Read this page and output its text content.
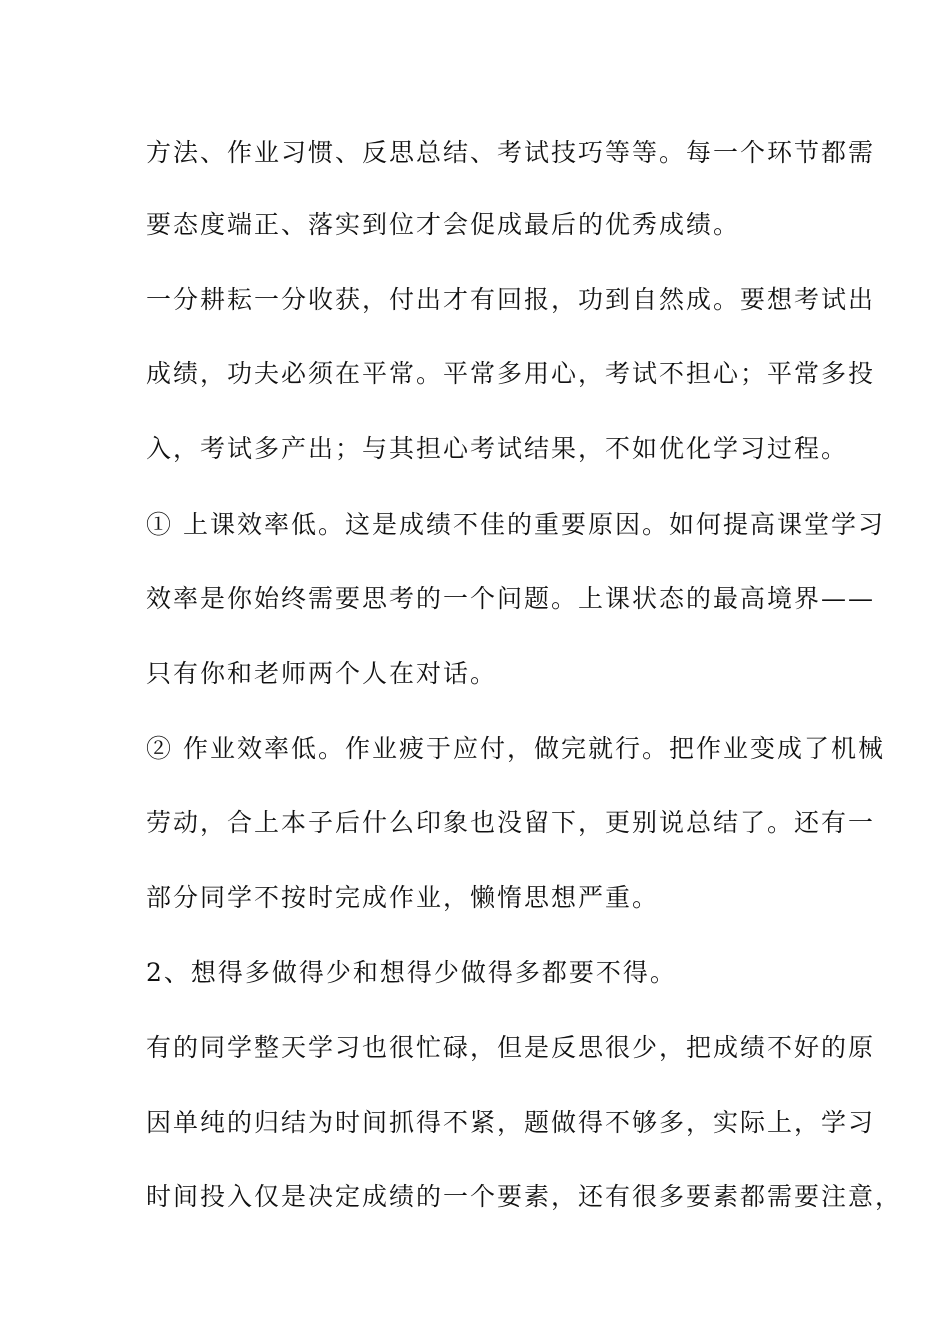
方法、作业习惯、反思总结、考试技巧等等。每一个环节都需
要态度端正、落实到位才会促成最后的优秀成绩。
一分耕耘一分收获，付出才有回报，功到自然成。要想考试出
成绩，功夫必须在平常。平常多用心，考试不担心；平常多投
入，考试多产出；与其担心考试结果，不如优化学习过程。
① 上课效率低。这是成绩不佳的重要原因。如何提高课堂学习
效率是你始终需要思考的一个问题。上课状态的最高境界——
只有你和老师两个人在对话。
② 作业效率低。作业疲于应付，做完就行。把作业变成了机械
劳动，合上本子后什么印象也没留下，更别说总结了。还有一
部分同学不按时完成作业，懒惰思想严重。
2、想得多做得少和想得少做得多都要不得。
有的同学整天学习也很忙碌，但是反思很少，把成绩不好的原
因单纯的归结为时间抓得不紧，题做得不够多，实际上，学习
时间投入仅是决定成绩的一个要素，还有很多要素都需要注意，
